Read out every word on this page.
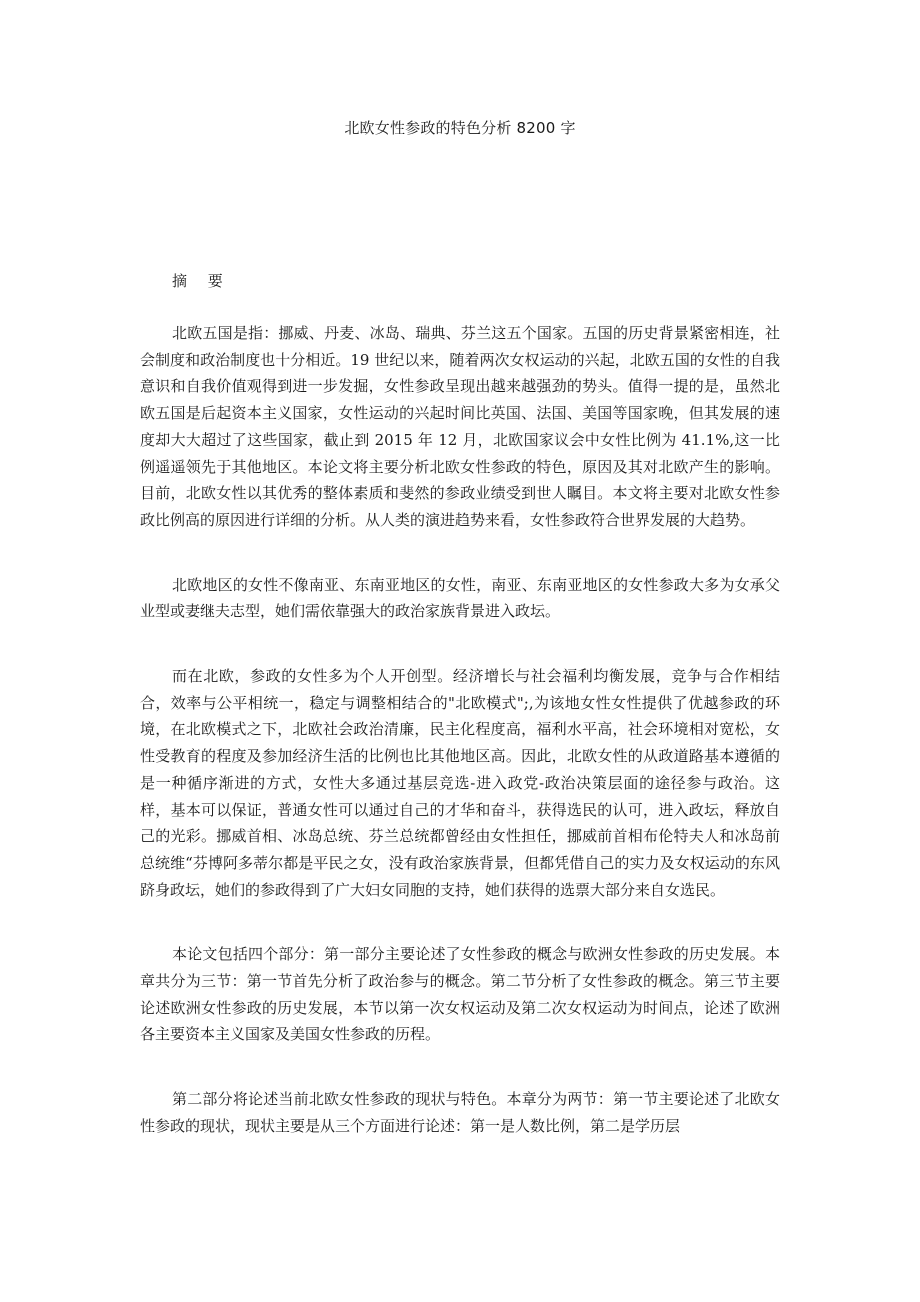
北欧女性参政的特色分析 8200 字
摘 要

北欧五国是指：挪威、丹麦、冰岛、瑞典、芬兰这五个国家。五国的历史背景紧密相连，社会制度和政治制度也十分相近。19 世纪以来，随着两次女权运动的兴起，北欧五国的女性的自我意识和自我价值观得到进一步发掘，女性参政呈现出越来越强劲的势头。值得一提的是，虽然北欧五国是后起资本主义国家，女性运动的兴起时间比英国、法国、美国等国家晚，但其发展的速度却大大超过了这些国家，截止到 2015 年 12 月，北欧国家议会中女性比例为 41.1%,这一比例遥遥领先于其他地区。本论文将主要分析北欧女性参政的特色，原因及其对北欧产生的影响。目前，北欧女性以其优秀的整体素质和斐然的参政业绩受到世人瞩目。本文将主要对北欧女性参政比例高的原因进行详细的分析。从人类的演进趋势来看，女性参政符合世界发展的大趋势。

北欧地区的女性不像南亚、东南亚地区的女性，南亚、东南亚地区的女性参政大多为女承父业型或妻继夫志型，她们需依靠强大的政治家族背景进入政坛。

而在北欧，参政的女性多为个人开创型。经济增长与社会福利均衡发展，竞争与合作相结合，效率与公平相统一，稳定与调整相结合的"北欧模式";,为该地女性女性提供了优越参政的环境，在北欧模式之下，北欧社会政治清廉，民主化程度高，福利水平高，社会环境相对宽松，女性受教育的程度及参加经济生活的比例也比其他地区高。因此，北欧女性的从政道路基本遵循的是一种循序渐进的方式，女性大多通过基层竞选-进入政党-政治决策层面的途径参与政治。这样，基本可以保证，普通女性可以通过自己的才华和奋斗，获得选民的认可，进入政坛，释放自己的光彩。挪威首相、冰岛总统、芬兰总统都曾经由女性担任，挪威前首相布伦特夫人和冰岛前总统维“芬博阿多蒂尔都是平民之女，没有政治家族背景，但都凭借自己的实力及女权运动的东风跻身政坛，她们的参政得到了广大妇女同胞的支持，她们获得的选票大部分来自女选民。

本论文包括四个部分：第一部分主要论述了女性参政的概念与欧洲女性参政的历史发展。本章共分为三节：第一节首先分析了政治参与的概念。第二节分析了女性参政的概念。第三节主要论述欧洲女性参政的历史发展，本节以第一次女权运动及第二次女权运动为时间点，论述了欧洲各主要资本主义国家及美国女性参政的历程。

第二部分将论述当前北欧女性参政的现状与特色。本章分为两节：第一节主要论述了北欧女性参政的现状，现状主要是从三个方面进行论述：第一是人数比例，第二是学历层
